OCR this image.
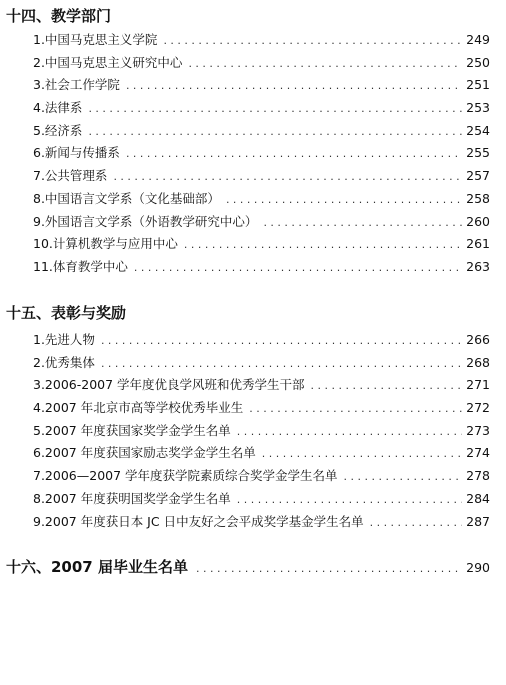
十四、教学部门
1.中国马克思主义学院 . . .	249
2.中国马克思主义研究中心 . . .	250
3.社会工作学院 . . .	251
4.法律系 . . .	253
5.经济系 . . .	254
6.新闻与传播系 . . .	255
7.公共管理系 . . .	257
8.中国语言文学系（文化基础部） . . .	258
9.外国语言文学系（外语教学研究中心） . . .	260
10.计算机教学与应用中心 . . .	261
11.体育教学中心 . . .	263
十五、表彰与奖励
1.先进人物 . . .	266
2.优秀集体 . . .	268
3.2006-2007 学年度优良学风班和优秀学生干部 . . .	271
4.2007 年北京市高等学校优秀毕业生 . . .	272
5.2007 年度获国家奖学金学生名单 . . .	273
6.2007 年度获国家励志奖学金学生名单 . . .	274
7.2006—2007 学年度获学院素质综合奖学金学生名单 . . .	278
8.2007 年度获明国奖学金学生名单 . . .	284
9.2007 年度获日本 JC 日中友好之会平成奖学基金学生名单 . . .	287
十六、2007 届毕业生名单 . . .	290
